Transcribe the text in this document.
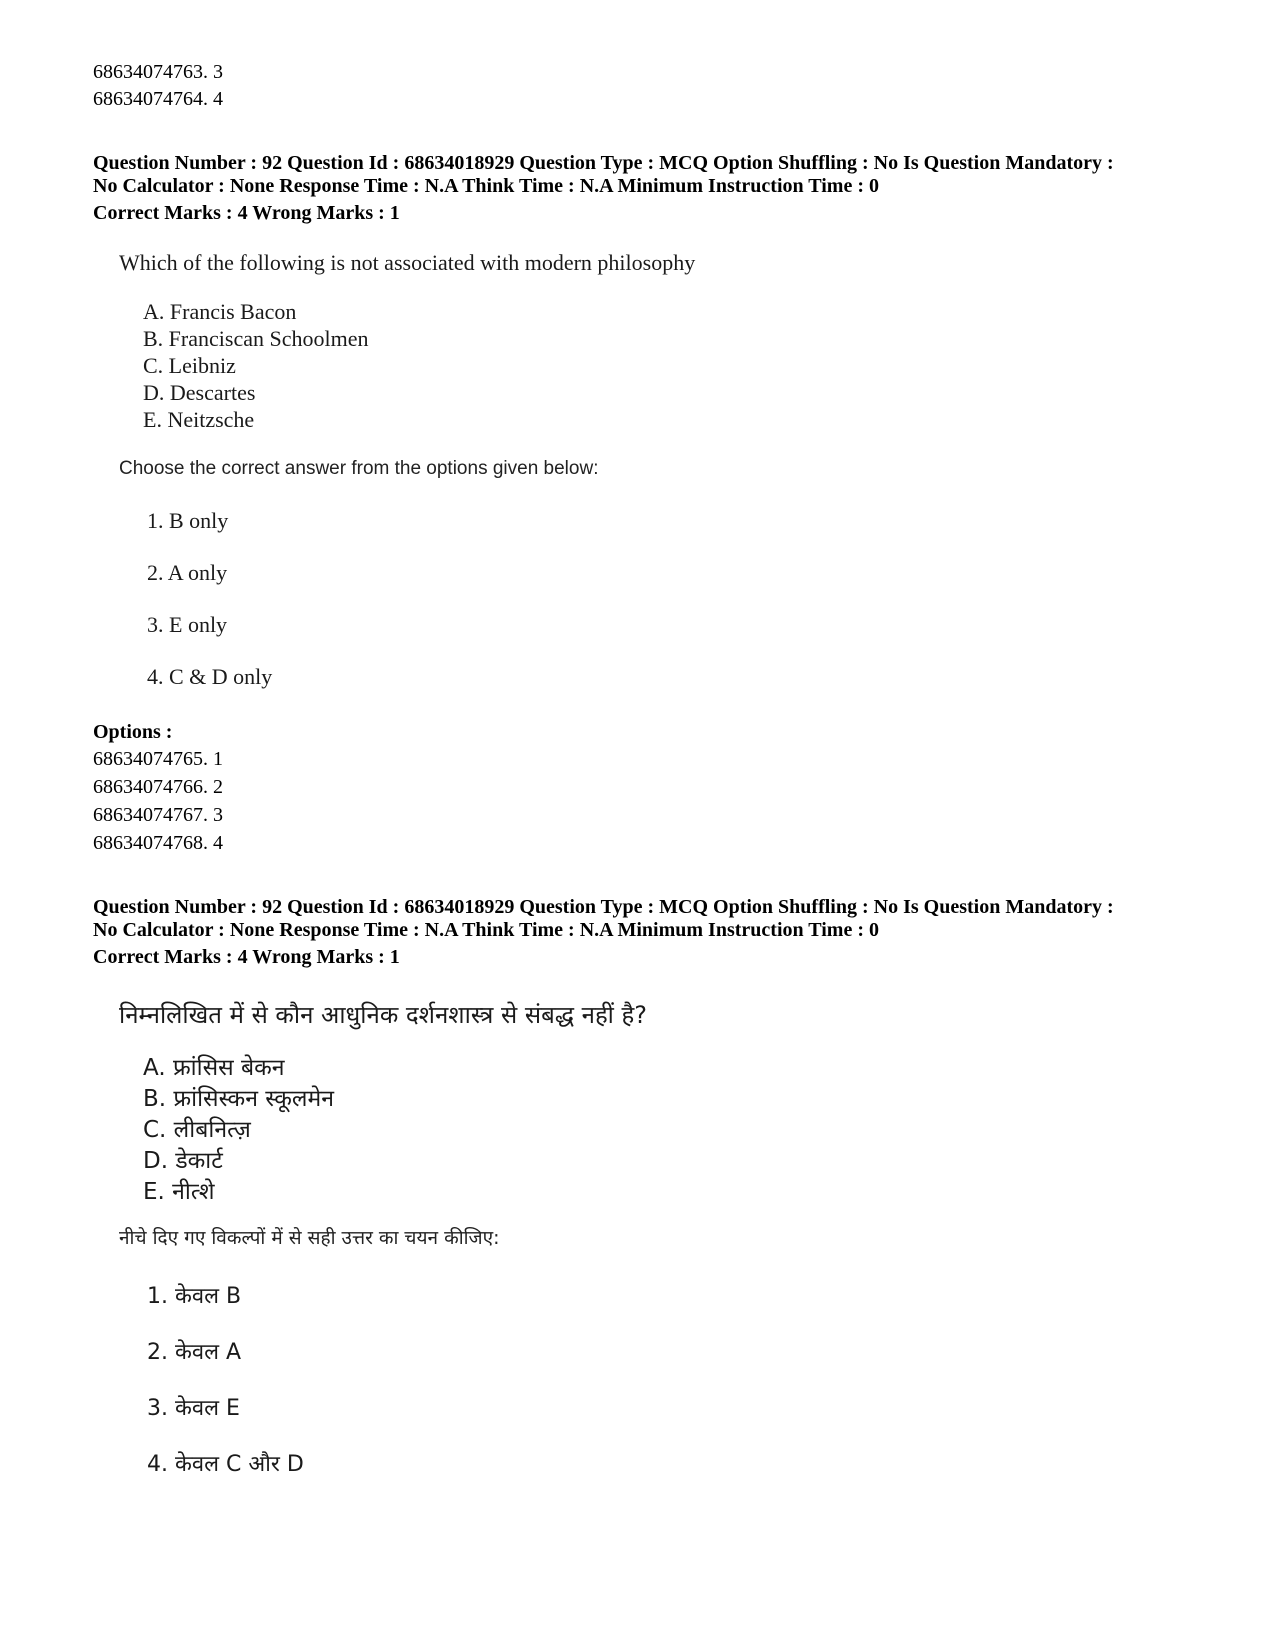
68634074763. 3
68634074764. 4
Question Number : 92 Question Id : 68634018929 Question Type : MCQ Option Shuffling : No Is Question Mandatory :
No Calculator : None Response Time : N.A Think Time : N.A Minimum Instruction Time : 0
Correct Marks : 4 Wrong Marks : 1
Which of the following is not associated with modern philosophy
A. Francis Bacon
B. Franciscan Schoolmen
C. Leibniz
D. Descartes
E. Neitzsche
Choose the correct answer from the options given below:
1. B only
2. A only
3. E only
4. C & D only
Options :
68634074765. 1
68634074766. 2
68634074767. 3
68634074768. 4
Question Number : 92 Question Id : 68634018929 Question Type : MCQ Option Shuffling : No Is Question Mandatory :
No Calculator : None Response Time : N.A Think Time : N.A Minimum Instruction Time : 0
Correct Marks : 4 Wrong Marks : 1
निम्नलिखित में से कौन आधुनिक दर्शनशास्त्र से संबद्ध नहीं है?
A. फ्रांसिस बेकन
B. फ्रांसिस्कन स्कूलमेन
C. लीबनित्ज़
D. डेकार्ट
E. नीत्शे
नीचे दिए गए विकल्पों में से सही उत्तर का चयन कीजिए:
1. केवल B
2. केवल A
3. केवल E
4. केवल C और D
